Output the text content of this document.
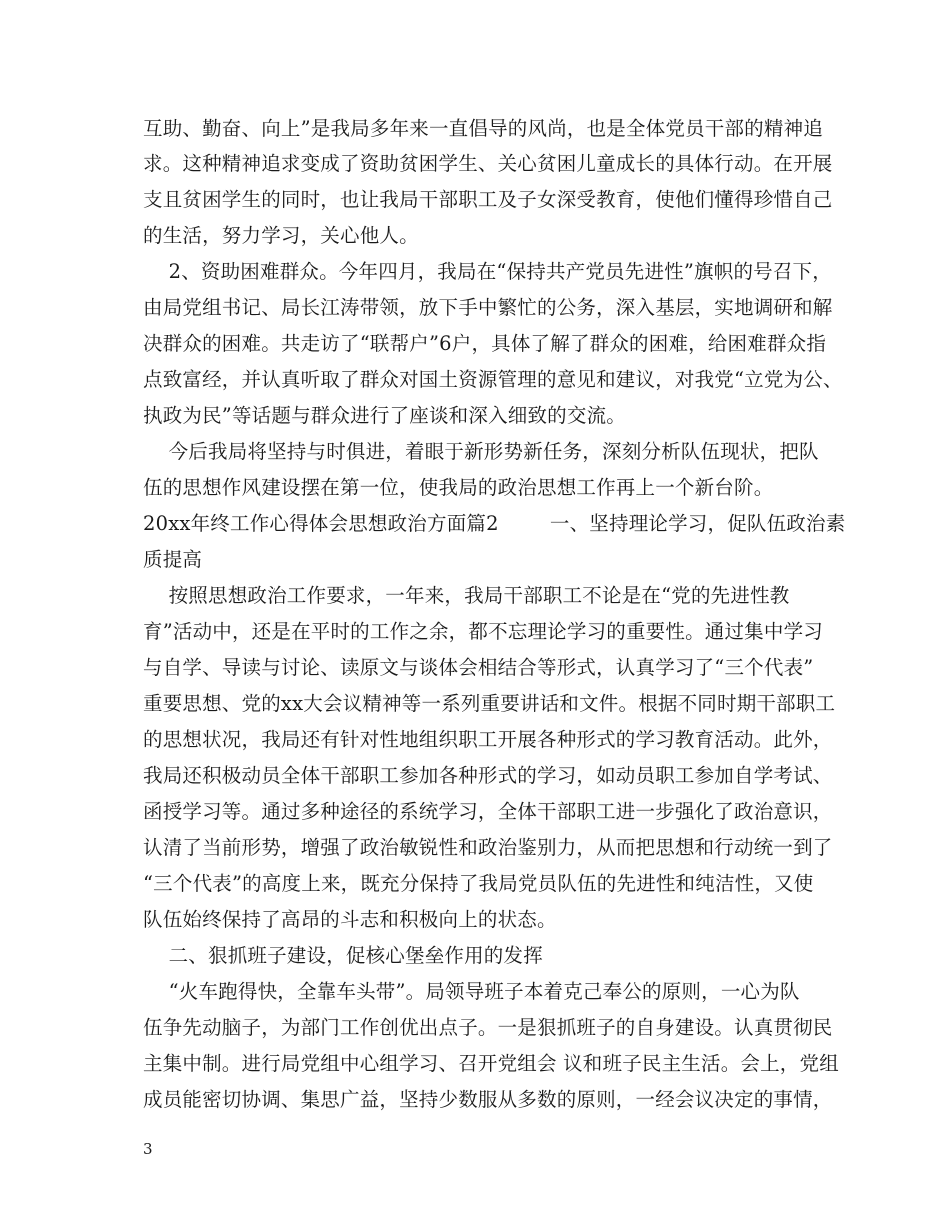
互助、勤奋、向上”是我局多年来一直倡导的风尚，也是全体党员干部的精神追
求。这种精神追求变成了资助贫困学生、关心贫困儿童成长的具体行动。在开展
支且贫困学生的同时，也让我局干部职工及子女深受教育，使他们懂得珍惜自己
的生活，努力学习，关心他人。
2、资助困难群众。今年四月，我局在“保持共产党员先进性”旗帜的号召下，
由局党组书记、局长江涛带领，放下手中繁忙的公务，深入基层，实地调研和解
决群众的困难。共走访了“联帮户”6户，具体了解了群众的困难，给困难群众指
点致富经，并认真听取了群众对国土资源管理的意见和建议，对我党“立党为公、
执政为民”等话题与群众进行了座谈和深入细致的交流。
今后我局将坚持与时俱进，着眼于新形势新任务，深刻分析队伍现状，把队
伍的思想作风建设摆在第一位，使我局的政治思想工作再上一个新台阶。
20xx年终工作心得体会思想政治方面篇2        一、坚持理论学习，促队伍政治素
质提高
按照思想政治工作要求，一年来，我局干部职工不论是在“党的先进性教
育”活动中，还是在平时的工作之余，都不忘理论学习的重要性。通过集中学习
与自学、导读与讨论、读原文与谈体会相结合等形式，认真学习了“三个代表”
重要思想、党的xx大会议精神等一系列重要讲话和文件。根据不同时期干部职工
的思想状况，我局还有针对性地组织职工开展各种形式的学习教育活动。此外，
我局还积极动员全体干部职工参加各种形式的学习，如动员职工参加自学考试、
函授学习等。通过多种途径的系统学习，全体干部职工进一步强化了政治意识，
认清了当前形势，增强了政治敏锐性和政治鉴别力，从而把思想和行动统一到了
“三个代表”的高度上来，既充分保持了我局党员队伍的先进性和纯洁性，又使
队伍始终保持了高昂的斗志和积极向上的状态。
二、狠抓班子建设，促核心堡垒作用的发挥
“火车跑得快，全靠车头带”。局领导班子本着克己奉公的原则，一心为队
伍争先动脑子，为部门工作创优出点子。一是狠抓班子的自身建设。认真贯彻民
主集中制。进行局党组中心组学习、召开党组会 议和班子民主生活。会上，党组
成员能密切协调、集思广益，坚持少数服从多数的原则，一经会议决定的事情，
3
